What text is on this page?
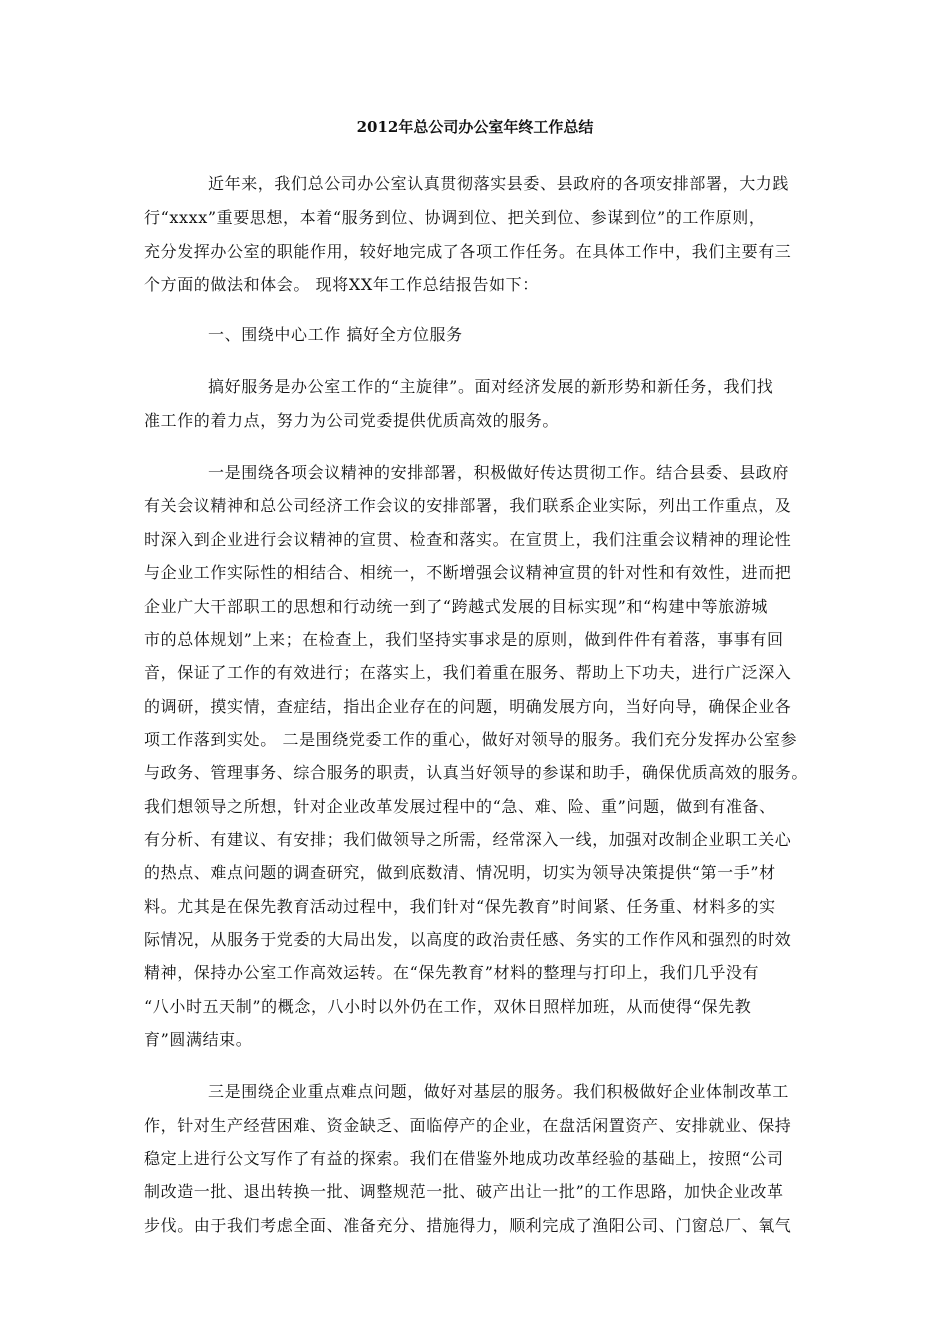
2012年总公司办公室年终工作总结
近年来，我们总公司办公室认真贯彻落实县委、县政府的各项安排部署，大力践
行“xxxx”重要思想，本着“服务到位、协调到位、把关到位、参谋到位”的工作原则，
充分发挥办公室的职能作用，较好地完成了各项工作任务。在具体工作中，我们主要有三
个方面的做法和体会。 现将XX年工作总结报告如下：
一、围绕中心工作 搞好全方位服务
搞好服务是办公室工作的“主旋律”。面对经济发展的新形势和新任务，我们找
准工作的着力点，努力为公司党委提供优质高效的服务。
一是围绕各项会议精神的安排部署，积极做好传达贯彻工作。结合县委、县政府
有关会议精神和总公司经济工作会议的安排部署，我们联系企业实际，列出工作重点，及
时深入到企业进行会议精神的宣贯、检查和落实。在宣贯上，我们注重会议精神的理论性
与企业工作实际性的相结合、相统一，不断增强会议精神宣贯的针对性和有效性，进而把
企业广大干部职工的思想和行动统一到了“跨越式发展的目标实现”和“构建中等旅游城
市的总体规划”上来；在检查上，我们坚持实事求是的原则，做到件件有着落，事事有回
音，保证了工作的有效进行；在落实上，我们着重在服务、帮助上下功夫，进行广泛深入
的调研，摸实情，查症结，指出企业存在的问题，明确发展方向，当好向导，确保企业各
项工作落到实处。 二是围绕党委工作的重心，做好对领导的服务。我们充分发挥办公室参
与政务、管理事务、综合服务的职责，认真当好领导的参谋和助手，确保优质高效的服务。
我们想领导之所想，针对企业改革发展过程中的“急、难、险、重”问题，做到有准备、
有分析、有建议、有安排；我们做领导之所需，经常深入一线，加强对改制企业职工关心
的热点、难点问题的调查研究，做到底数清、情况明，切实为领导决策提供“第一手”材
料。尤其是在保先教育活动过程中，我们针对“保先教育”时间紧、任务重、材料多的实
际情况，从服务于党委的大局出发，以高度的政治责任感、务实的工作作风和强烈的时效
精神，保持办公室工作高效运转。在“保先教育”材料的整理与打印上，我们几乎没有
“八小时五天制”的概念，八小时以外仍在工作，双休日照样加班，从而使得“保先教
育”圆满结束。
三是围绕企业重点难点问题，做好对基层的服务。我们积极做好企业体制改革工
作，针对生产经营困难、资金缺乏、面临停产的企业，在盘活闲置资产、安排就业、保持
稳定上进行公文写作了有益的探索。我们在借鉴外地成功改革经验的基础上，按照“公司
制改造一批、退出转换一批、调整规范一批、破产出让一批”的工作思路，加快企业改革
步伐。由于我们考虑全面、准备充分、措施得力，顺利完成了渔阳公司、门窗总厂、氧气
